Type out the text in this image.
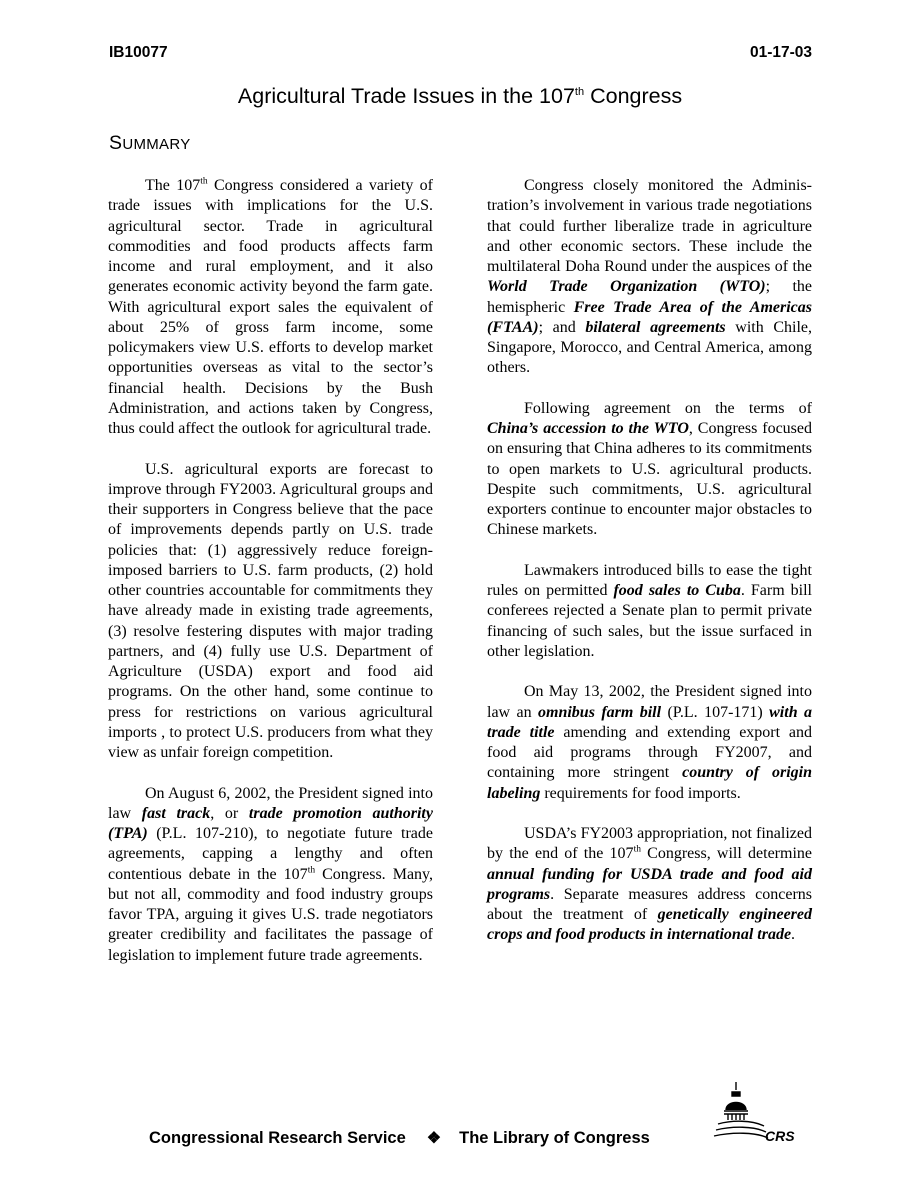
IB10077	01-17-03
Agricultural Trade Issues in the 107th Congress
SUMMARY

The 107th Congress considered a variety of trade issues with implications for the U.S. agricultural sector. Trade in agricultural commodities and food products affects farm income and rural employment, and it also generates economic activity beyond the farm gate. With agricultural export sales the equivalent of about 25% of gross farm income, some policymakers view U.S. efforts to develop market opportunities overseas as vital to the sector’s financial health. Decisions by the Bush Administration, and actions taken by Congress, thus could affect the outlook for agricultural trade.

U.S. agricultural exports are forecast to improve through FY2003. Agricultural groups and their supporters in Congress believe that the pace of improvements depends partly on U.S. trade policies that: (1) aggressively reduce foreign-imposed barriers to U.S. farm products, (2) hold other countries accountable for commitments they have already made in existing trade agreements, (3) resolve festering disputes with major trading partners, and (4) fully use U.S. Department of Agriculture (USDA) export and food aid programs. On the other hand, some continue to press for restrictions on various agricultural imports , to protect U.S. producers from what they view as unfair foreign competition.

On August 6, 2002, the President signed into law fast track, or trade promotion authority (TPA) (P.L. 107-210), to negotiate future trade agreements, capping a lengthy and often contentious debate in the 107th Congress. Many, but not all, commodity and food industry groups favor TPA, arguing it gives U.S. trade negotiators greater credibility and facilitates the passage of legislation to implement future trade agreements.

Congress closely monitored the Administration’s involvement in various trade negotiations that could further liberalize trade in agriculture and other economic sectors. These include the multilateral Doha Round under the auspices of the World Trade Organization (WTO); the hemispheric Free Trade Area of the Americas (FTAA); and bilateral agreements with Chile, Singapore, Morocco, and Central America, among others.

Following agreement on the terms of China’s accession to the WTO, Congress focused on ensuring that China adheres to its commitments to open markets to U.S. agricultural products. Despite such commitments, U.S. agricultural exporters continue to encounter major obstacles to Chinese markets.

Lawmakers introduced bills to ease the tight rules on permitted food sales to Cuba. Farm bill conferees rejected a Senate plan to permit private financing of such sales, but the issue surfaced in other legislation.

On May 13, 2002, the President signed into law an omnibus farm bill (P.L. 107-171) with a trade title amending and extending export and food aid programs through FY2007, and containing more stringent country of origin labeling requirements for food imports.

USDA’s FY2003 appropriation, not finalized by the end of the 107th Congress, will determine annual funding for USDA trade and food aid programs. Separate measures address concerns about the treatment of genetically engineered crops and food products in international trade.

Congressional Research Service ❖ The Library of Congress	CRS
